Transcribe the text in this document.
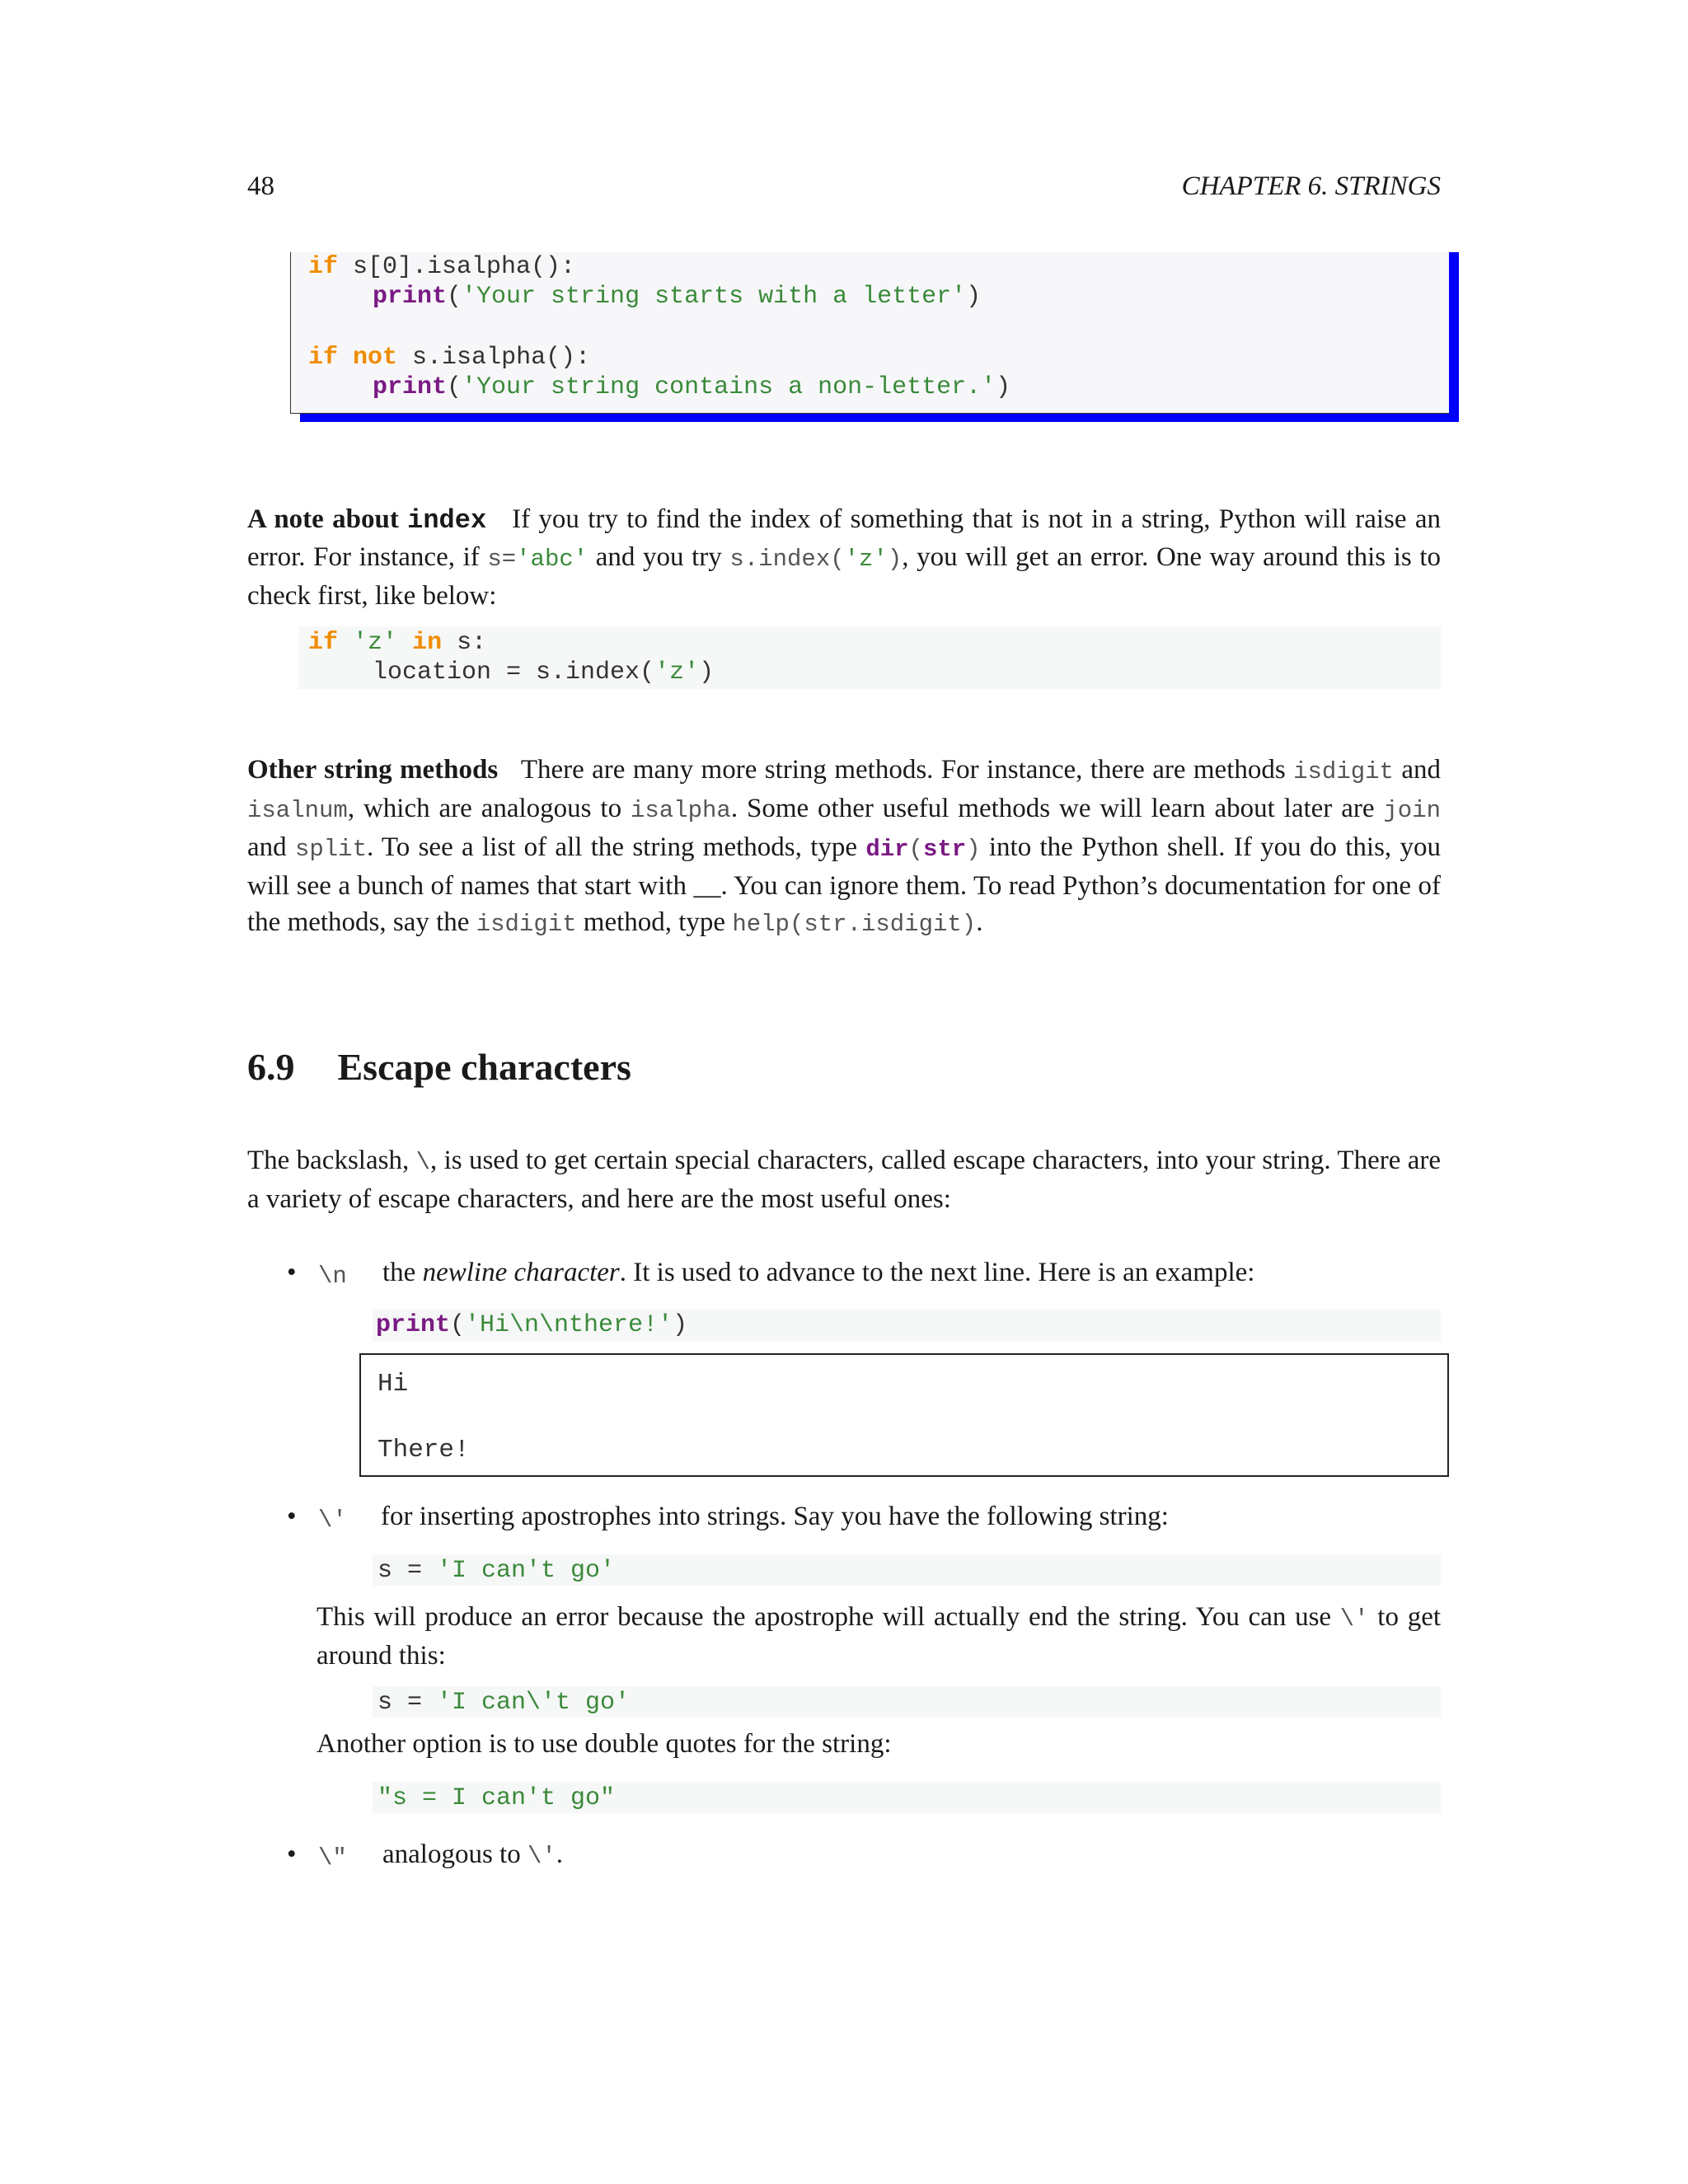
48	CHAPTER 6. STRINGS

if s[0].isalpha():

print('Your string starts with a letter')

if not s.isalpha():

print('Your string contains a non-letter.')

A note about index If you try to find the index of something that is not in a string, Python will raise an error. For instance, if s='abc' and you try s.index('z'), you will get an error. One way around this is to check first, like below:

if 'z' in s:

location = s.index('z')

Other string methods There are many more string methods. For instance, there are methods isdigit and isalnum, which are analogous to isalpha. Some other useful methods we will learn about later are join and split. To see a list of all the string methods, type dir(str) into the Python shell. If you do this, you will see a bunch of names that start with __. You can ignore them. To read Python’s documentation for one of the methods, say the isdigit method, type help(str.isdigit).
6.9 Escape characters
The backslash, \, is used to get certain special characters, called escape characters, into your string. There are a variety of escape characters, and here are the most useful ones:
• \n the newline character. It is used to advance to the next line. Here is an example:
print('Hi\n\nthere!')
Hi
There!
• \' for inserting apostrophes into strings. Say you have the following string:
s = 'I can't go'
This will produce an error because the apostrophe will actually end the string. You can use \' to get around this:
s = 'I can\'t go'
Another option is to use double quotes for the string:
"s = I can't go"
• \" analogous to \'.
